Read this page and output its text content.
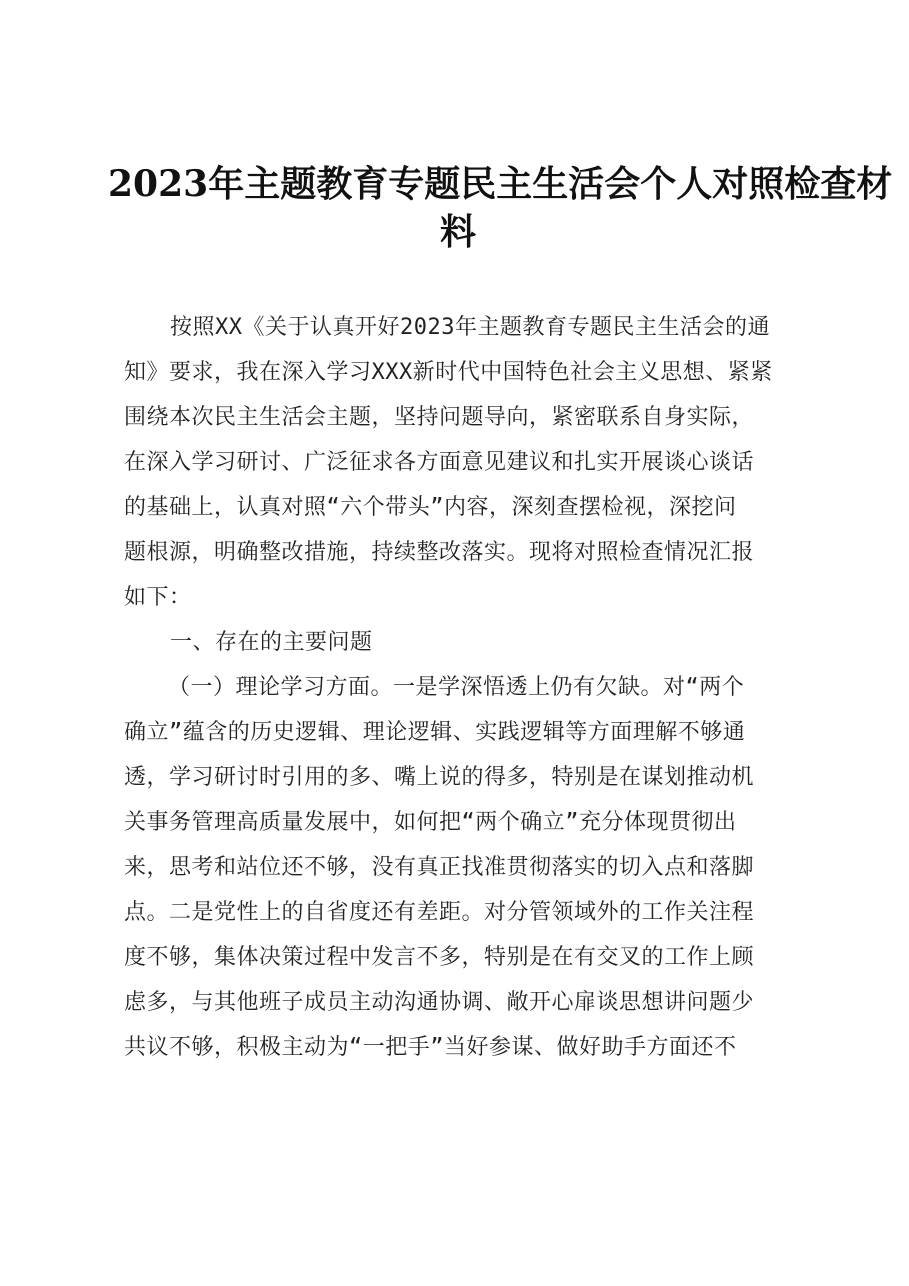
2023年主题教育专题民主生活会个人对照检查材
料
按照XX《关于认真开好2023年主题教育专题民主生活会的通
知》要求，我在深入学习XXX新时代中国特色社会主义思想、紧紧
围绕本次民主生活会主题，坚持问题导向，紧密联系自身实际，
在深入学习研讨、广泛征求各方面意见建议和扎实开展谈心谈话
的基础上，认真对照“六个带头”内容，深刻查摆检视，深挖问
题根源，明确整改措施，持续整改落实。现将对照检查情况汇报
如下：
一、存在的主要问题
（一）理论学习方面。一是学深悟透上仍有欠缺。对“两个
确立”蕴含的历史逻辑、理论逻辑、实践逻辑等方面理解不够通
透，学习研讨时引用的多、嘴上说的得多，特别是在谋划推动机
关事务管理高质量发展中，如何把“两个确立”充分体现贯彻出
来，思考和站位还不够，没有真正找准贯彻落实的切入点和落脚
点。二是党性上的自省度还有差距。对分管领域外的工作关注程
度不够，集体决策过程中发言不多，特别是在有交叉的工作上顾
虑多，与其他班子成员主动沟通协调、敞开心扉谈思想讲问题少
共议不够，积极主动为“一把手”当好参谋、做好助手方面还不
